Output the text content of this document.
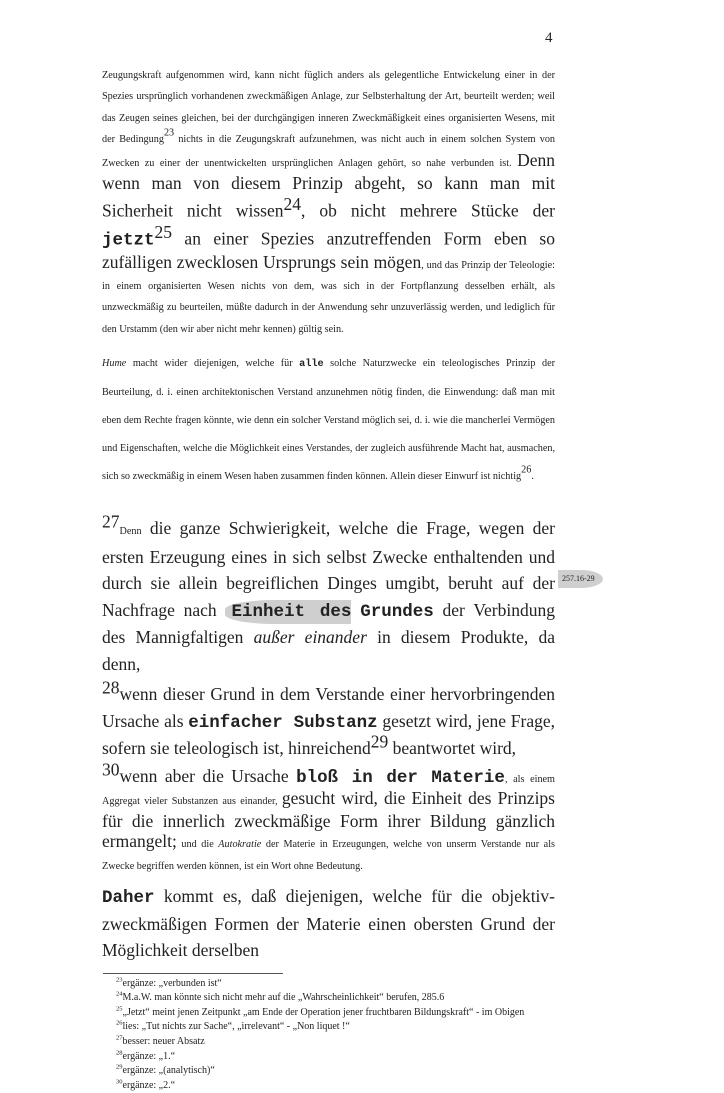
4
Zeugungskraft aufgenommen wird, kann nicht füglich anders als gelegentliche Entwickelung einer in der Spezies ursprünglich vorhandenen zweckmäßigen Anlage, zur Selbsterhaltung der Art, beurteilt werden; weil das Zeugen seines gleichen, bei der durchgängigen inneren Zweckmäßigkeit eines organisierten Wesens, mit der Bedingung$^{23}$ nichts in die Zeugungskraft aufzunehmen, was nicht auch in einem solchen System von Zwecken zu einer der unentwickelten ursprünglichen Anlagen gehört, so nahe verbunden ist. Denn wenn man von diesem Prinzip abgeht, so kann man mit Sicherheit nicht wissen$^{24}$, ob nicht mehrere Stücke der jetzt$^{25}$ an einer Spezies anzutreffenden Form eben so zufälligen zwecklosen Ursprungs sein mögen, und das Prinzip der Teleologie: in einem organisierten Wesen nichts von dem, was sich in der Fortpflanzung desselben erhält, als unzweckmäßig zu beurteilen, müßte dadurch in der Anwendung sehr unzuverlässig werden, und lediglich für den Urstamm (den wir aber nicht mehr kennen) gültig sein.
Hume macht wider diejenigen, welche für alle solche Naturzwecke ein teleologisches Prinzip der Beurteilung, d. i. einen architektonischen Verstand anzunehmen nötig finden, die Einwendung: daß man mit eben dem Rechte fragen könnte, wie denn ein solcher Verstand möglich sei, d. i. wie die mancherlei Vermögen und Eigenschaften, welche die Möglichkeit eines Verstandes, der zugleich ausführende Macht hat, ausmachen, sich so zweckmäßig in einem Wesen haben zusammen finden können. Allein dieser Einwurf ist nichtig$^{26}$.
257.16-29
$^{27}$Denn die ganze Schwierigkeit, welche die Frage, wegen der ersten Erzeugung eines in sich selbst Zwecke enthaltenden und durch sie allein begreiflichen Dinges umgibt, beruht auf der Nachfrage nach Einheit des Grundes der Verbindung des Mannigfaltigen außer einander in diesem Produkte, da denn,
$^{28}$wenn dieser Grund in dem Verstande einer hervorbringenden Ursache als einfacher Substanz gesetzt wird, jene Frage, sofern sie teleologisch ist, hinreichend$^{29}$ beantwortet wird,
$^{30}$wenn aber die Ursache bloß in der Materie, als einem Aggregat vieler Substanzen aus einander, gesucht wird, die Einheit des Prinzips für die innerlich zweckmäßige Form ihrer Bildung gänzlich ermangelt; und die Autokratie der Materie in Erzeugungen, welche von unserm Verstande nur als Zwecke begriffen werden können, ist ein Wort ohne Bedeutung.
Daher kommt es, daß diejenigen, welche für die objektiv-zweckmäßigen Formen der Materie einen obersten Grund der Möglichkeit derselben
$^{23}$ergänze: „verbunden ist“
$^{24}$M.a.W. man könnte sich nicht mehr auf die „Wahrscheinlichkeit“ berufen, 285.6
$^{25}$„Jetzt“ meint jenen Zeitpunkt „am Ende der Operation jener fruchtbaren Bildungskraft“ - im Obigen
$^{26}$lies: „Tut nichts zur Sache“, „irrelevant“ - „Non liquet !“
$^{27}$besser: neuer Absatz
$^{28}$ergänze: „1.“
$^{29}$ergänze: „(analytisch)“
$^{30}$ergänze: „2.“
